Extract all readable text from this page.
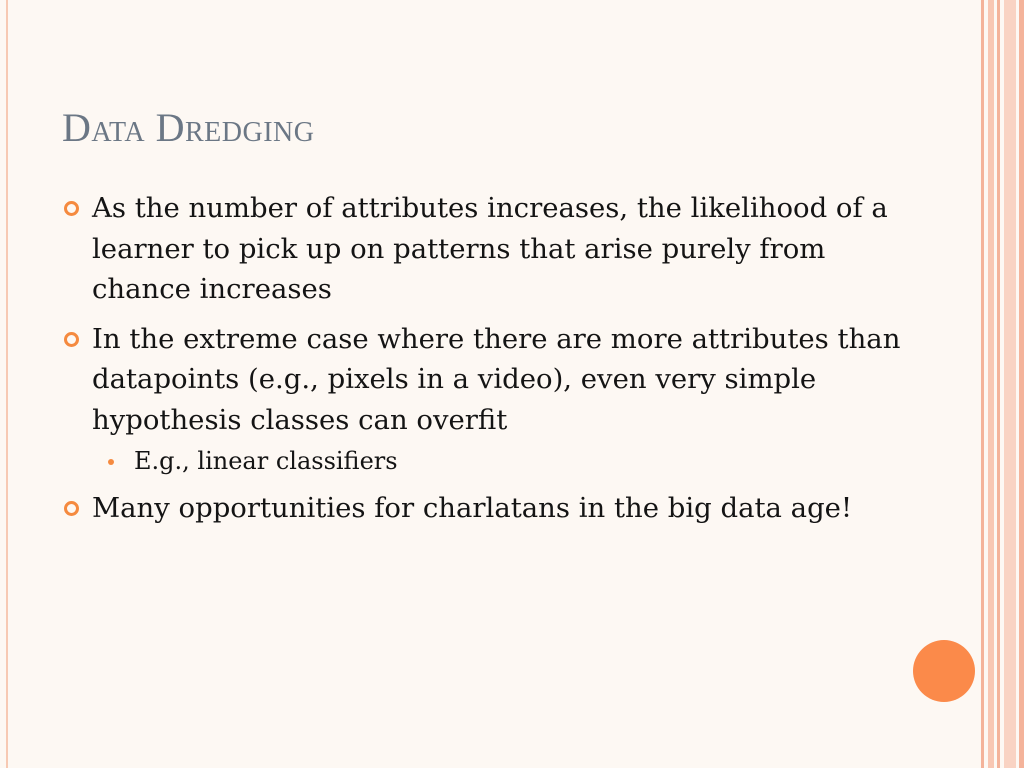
Data Dredging
As the number of attributes increases, the likelihood of a learner to pick up on patterns that arise purely from chance increases
In the extreme case where there are more attributes than datapoints (e.g., pixels in a video), even very simple hypothesis classes can overfit
E.g., linear classifiers
Many opportunities for charlatans in the big data age!
